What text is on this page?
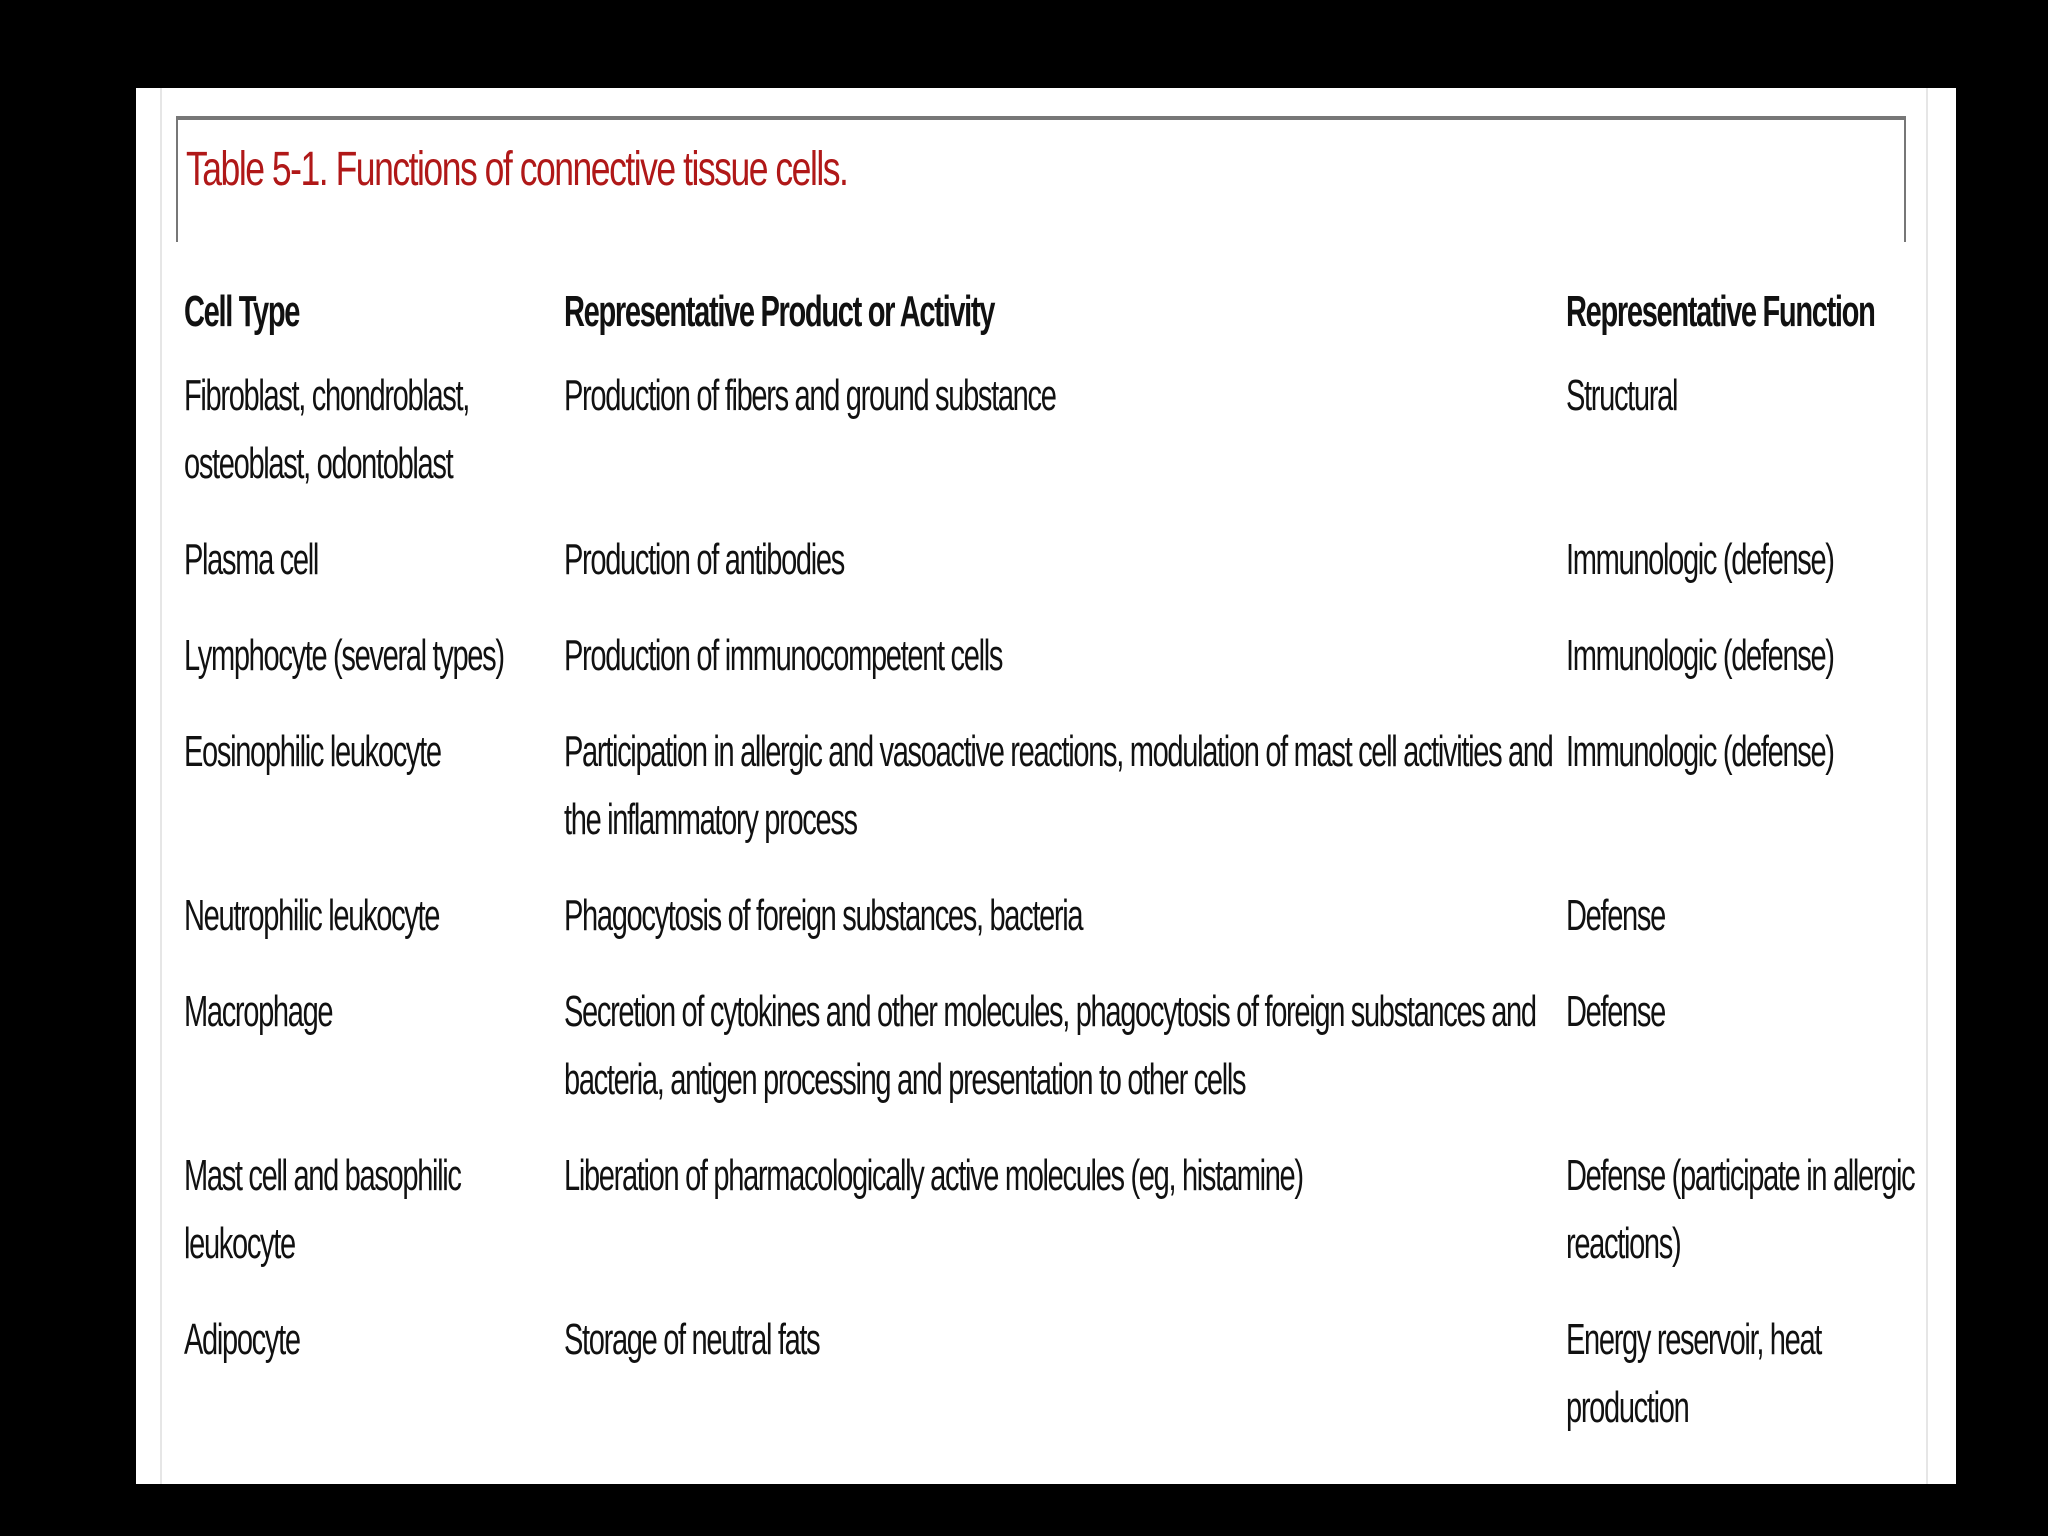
Table 5-1. Functions of connective tissue cells.
Cell Type	Representative Product or Activity	Representative Function
Fibroblast, chondroblast, osteoblast, odontoblast	Production of fibers and ground substance	Structural
Plasma cell	Production of antibodies	Immunologic (defense)
Lymphocyte (several types)	Production of immunocompetent cells	Immunologic (defense)
Eosinophilic leukocyte	Participation in allergic and vasoactive reactions, modulation of mast cell activities and the inflammatory process	Immunologic (defense)
Neutrophilic leukocyte	Phagocytosis of foreign substances, bacteria	Defense
Macrophage	Secretion of cytokines and other molecules, phagocytosis of foreign substances and bacteria, antigen processing and presentation to other cells	Defense
Mast cell and basophilic leukocyte	Liberation of pharmacologically active molecules (eg, histamine)	Defense (participate in allergic reactions)
Adipocyte	Storage of neutral fats	Energy reservoir, heat production
